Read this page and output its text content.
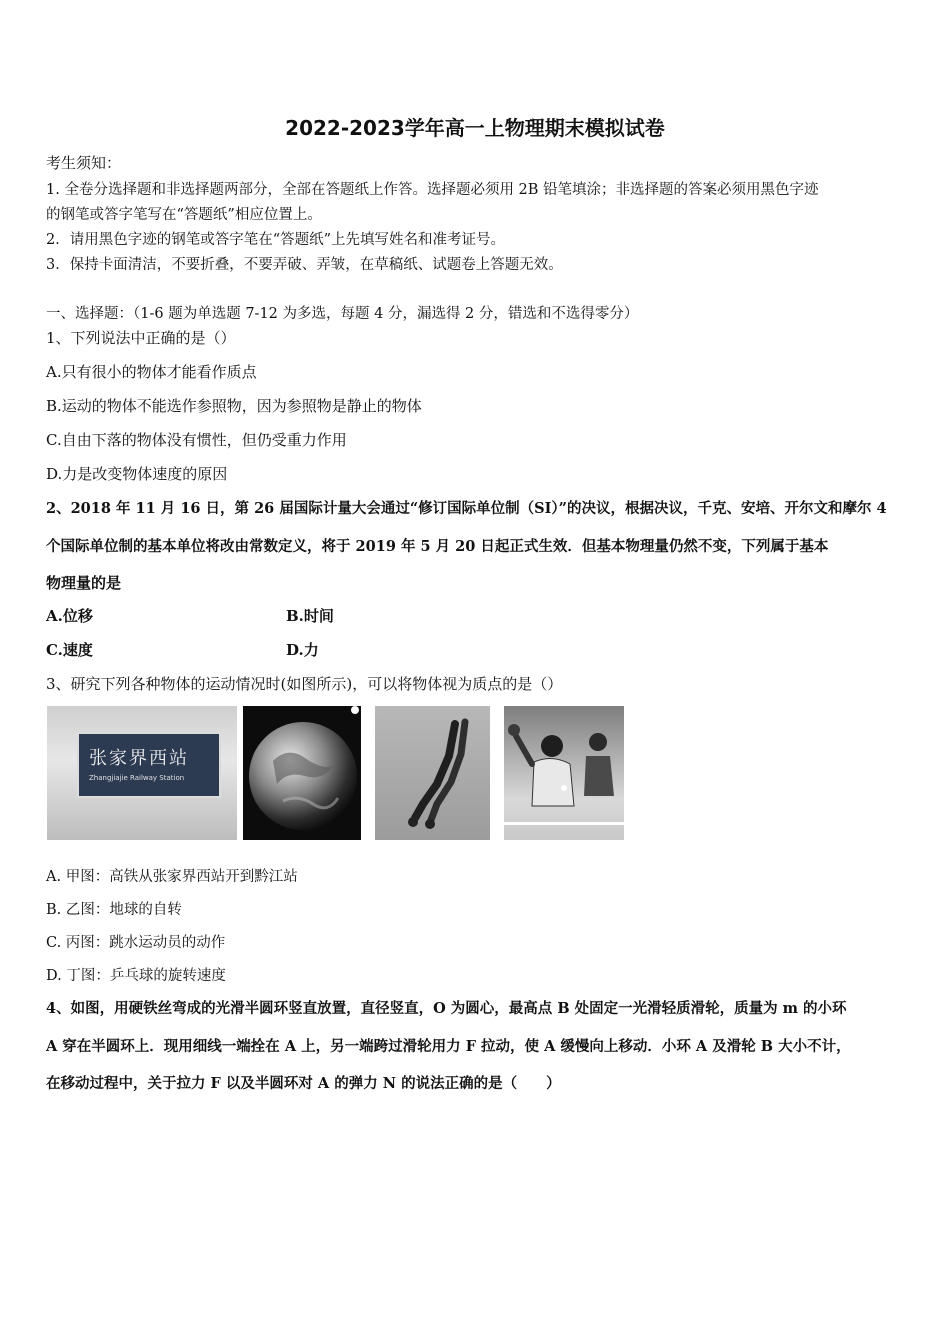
2022-2023学年高一上物理期末模拟试卷
考生须知：
1. 全卷分选择题和非选择题两部分，全部在答题纸上作答。选择题必须用 2B 铅笔填涂；非选择题的答案必须用黑色字迹
的钢笔或答字笔写在“答题纸”相应位置上。
2．请用黑色字迹的钢笔或答字笔在“答题纸”上先填写姓名和准考证号。
3．保持卡面清洁，不要折叠，不要弄破、弄皱，在草稿纸、试题卷上答题无效。
一、选择题：（1-6 题为单选题 7-12 为多选，每题 4 分，漏选得 2 分，错选和不选得零分）
1、下列说法中正确的是（）
A.只有很小的物体才能看作质点
B.运动的物体不能选作参照物，因为参照物是静止的物体
C.自由下落的物体没有惯性，但仍受重力作用
D.力是改变物体速度的原因
2、2018 年 11 月 16 日，第 26 届国际计量大会通过“修订国际单位制（SI）”的决议，根据决议，千克、安培、开尔文和摩尔 4
个国际单位制的基本单位将改由常数定义，将于 2019 年 5 月 20 日起正式生效．但基本物理量仍然不变，下列属于基本
物理量的是
A.位移	B.时间
C.速度	D.力
3、研究下列各种物体的运动情况时(如图所示)，可以将物体视为质点的是（）
张家界西站
Zhangjiajie Railway Station
A. 甲图：高铁从张家界西站开到黔江站
B. 乙图：地球的自转
C. 丙图：跳水运动员的动作
D. 丁图：乒乓球的旋转速度
4、如图，用硬铁丝弯成的光滑半圆环竖直放置，直径竖直，O 为圆心，最高点 B 处固定一光滑轻质滑轮，质量为 m 的小环
A 穿在半圆环上．现用细线一端拴在 A 上，另一端跨过滑轮用力 F 拉动，使 A 缓慢向上移动．小环 A 及滑轮 B 大小不计，
在移动过程中，关于拉力 F 以及半圆环对 A 的弹力 N 的说法正确的是（　　）
